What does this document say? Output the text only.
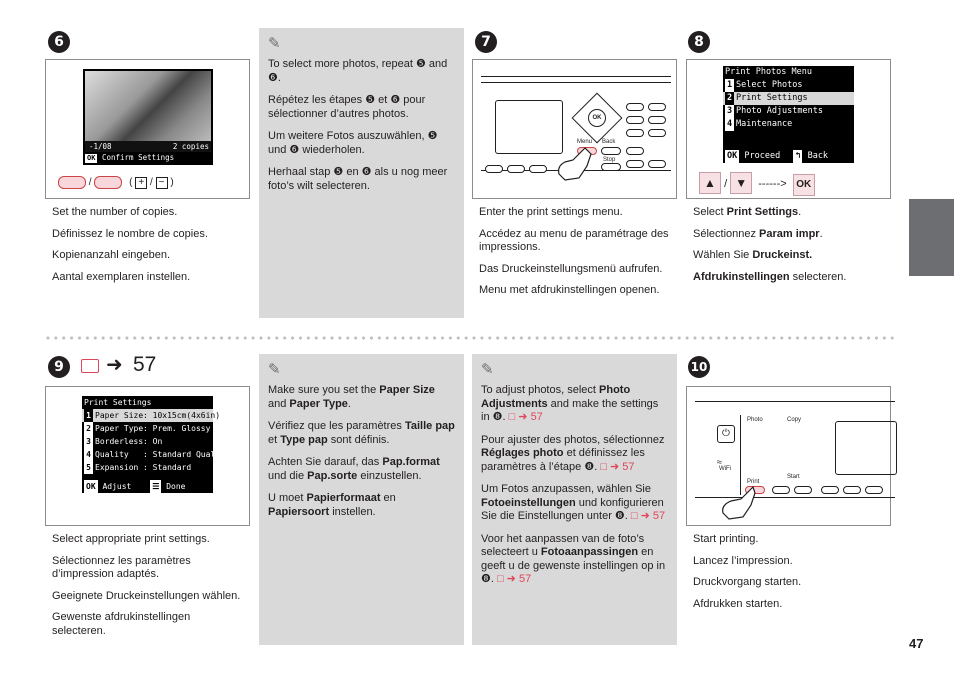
6
-1/08	2 copies
OK Confirm Settings
/	( + / − )

Set the number of copies.

Définissez le nombre de copies.

Kopienanzahl eingeben.

Aantal exemplaren instellen.

✎

To select more photos, repeat ❺ and ❻.

Répétez les étapes ❺ et ❻ pour sélectionner d’autres photos.

Um weitere Fotos auszuwählen, ❺ und ❻ wiederholen.

Herhaal stap ❺ en ❻ als u nog meer foto’s wilt selecteren.

7
OK
Menu Back
Stop

Enter the print settings menu.

Accédez au menu de paramétrage des impressions.

Das Druckeinstellungsmenü aufrufen.

Menu met afdrukinstellingen openen.

8
Print Photos Menu
1 Select Photos
2 Print Settings
3 Photo Adjustments
4 Maintenance
OK Proceed ↰ Back
▲ / ▼ ------> OK

Select Print Settings.

Sélectionnez Param impr.

Wählen Sie Druckeinst.

Afdrukinstellingen selecteren.

9	➜ 57
Print Settings
1 Paper Size: 10x15cm(4x6in)
2 Paper Type: Prem. Glossy
3 Borderless: On
4 Quality : Standard Quality
5 Expansion : Standard
OK Adjust	☰ Done

Select appropriate print settings.

Sélectionnez les paramètres d’impression adaptés.

Geeignete Druckeinstellungen wählen.

Gewenste afdrukinstellingen selecteren.

✎

Make sure you set the Paper Size and Paper Type.

Vérifiez que les paramètres Taille pap et Type pap sont définis.

Achten Sie darauf, das Pap.format und die Pap.sorte einzustellen.

U moet Papierformaat en Papiersoort instellen.

✎

To adjust photos, select Photo Adjustments and make the settings in ❽. □ ➜ 57

Pour ajuster des photos, sélectionnez Réglages photo et définissez les paramètres à l’étape ❽. □ ➜ 57

Um Fotos anzupassen, wählen Sie Fotoeinstellungen und konfigurieren Sie die Einstellungen unter ❽. □ ➜ 57

Voor het aanpassen van de foto’s selecteert u Fotoaanpassingen en geeft u de gewenste instellingen op in ❽. □ ➜ 57

10
⏻
Photo	Copy
WiFi
≈
Print
Start

Start printing.

Lancez l’impression.

Druckvorgang starten.

Afdrukken starten.

47
